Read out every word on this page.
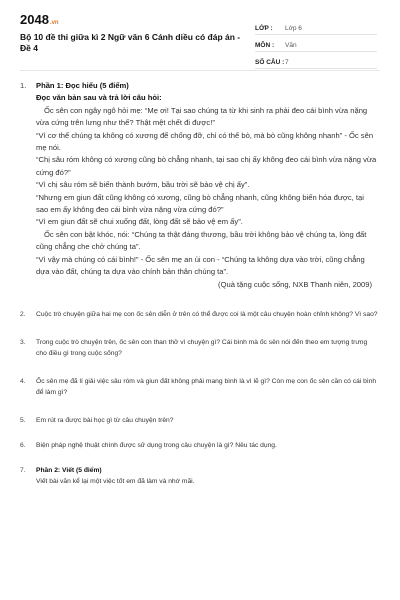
2048.vn
Bộ 10 đề thi giữa kì 2 Ngữ văn 6 Cánh diều có đáp án - Đề 4
LỚP :	Lớp 6
MÔN :	Văn
SỐ CÂU : 7
1. Phần 1: Đọc hiểu (5 điểm)
Đọc văn bản sau và trả lời câu hỏi:
Ốc sên con ngây ngô hỏi mẹ: “Mẹ ơi! Tại sao chúng ta từ khi sinh ra phải đeo cái bình vừa nặng vừa cứng trên lưng như thế? Thật mệt chết đi được!”
“Vì cơ thể chúng ta không có xương để chống đỡ, chỉ có thể bò, mà bò cũng không nhanh” - Ốc sên mẹ nói.
“Chị sâu róm không có xương cũng bò chẳng nhanh, tại sao chị ấy không đeo cái bình vừa nặng vừa cứng đó?”
“Vì chị sâu róm sẽ biến thành bướm, bầu trời sẽ bảo vệ chị ấy”.
“Nhưng em giun đất cũng không có xương, cũng bò chẳng nhanh, cũng không biến hóa được, tại sao em ấy không đeo cái bình vừa nặng vừa cứng đó?”
“Vì em giun đất sẽ chui xuống đất, lòng đất sẽ bảo vệ em ấy”.
Ốc sên con bật khóc, nói: “Chúng ta thật đáng thương, bầu trời không bảo vệ chúng ta, lòng đất cũng chẳng che chở chúng ta”.
“Vì vậy mà chúng có cái bình!” - Ốc sên mẹ an ủi con - “Chúng ta không dựa vào trời, cũng chẳng dựa vào đất, chúng ta dựa vào chính bản thân chúng ta”.
(Quà tặng cuộc sống, NXB Thanh niên, 2009)
2. Cuộc trò chuyện giữa hai mẹ con ốc sên diễn ở trên có thể được coi là một câu chuyện hoàn chỉnh không? Vì sao?
3. Trong cuộc trò chuyện trên, ốc sên con than thở vì chuyện gì? Cái bình mà ốc sên nói đến theo em tượng trưng cho điều gì trong cuộc sống?
4. Ốc sên mẹ đã lí giải việc sâu róm và giun đất không phải mang bình là vì lẽ gì? Còn mẹ con ốc sên cần có cái bình để làm gì?
5. Em rút ra được bài học gì từ câu chuyện trên?
6. Biện pháp nghệ thuật chính được sử dụng trong câu chuyện là gì? Nêu tác dụng.
7. Phần 2: Viết (5 điểm)
Viết bài văn kể lại một việc tốt em đã làm và nhớ mãi.
